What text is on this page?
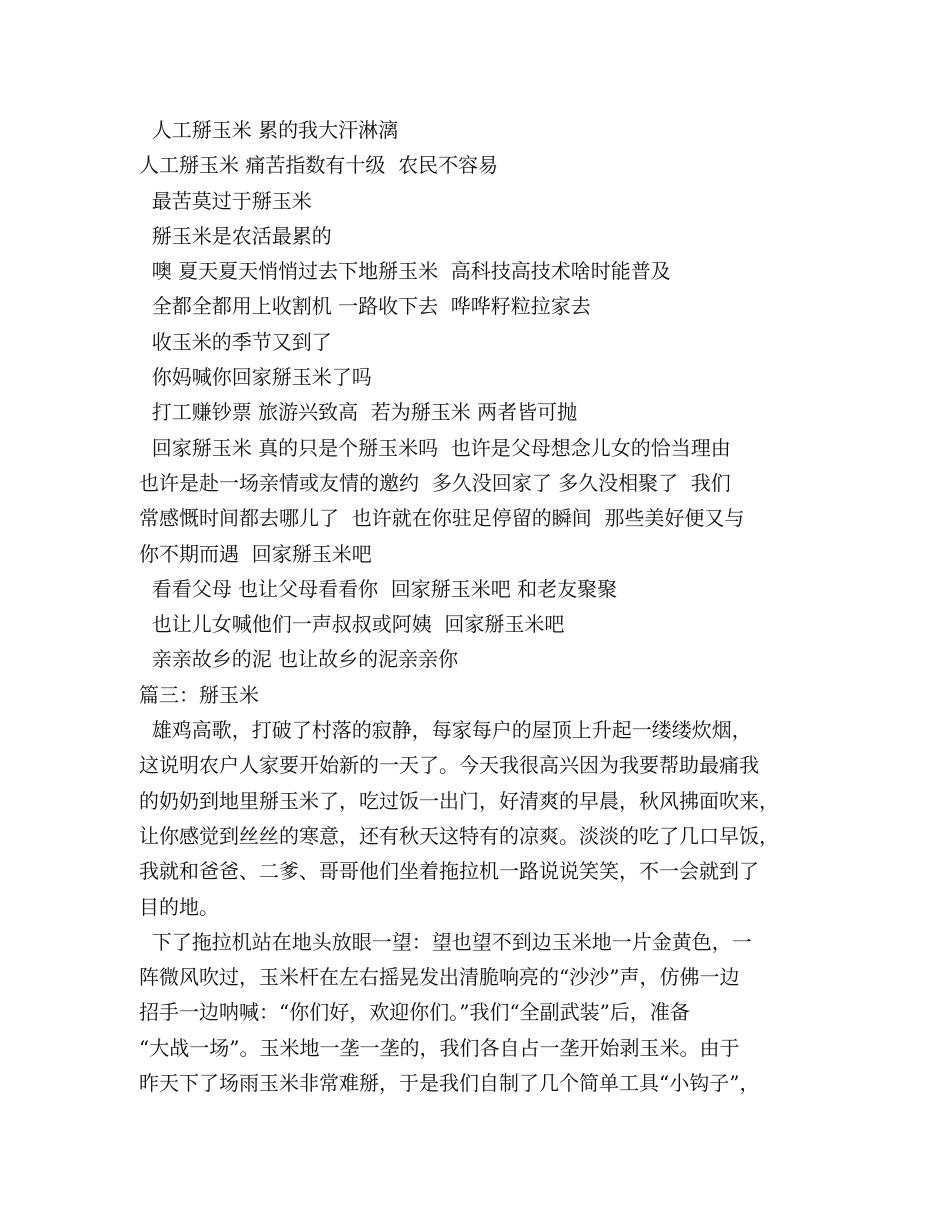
人工掰玉米 累的我大汗淋漓
人工掰玉米 痛苦指数有十级  农民不容易
最苦莫过于掰玉米
掰玉米是农活最累的
噢 夏天夏天悄悄过去下地掰玉米  高科技高技术啥时能普及
全都全都用上收割机 一路收下去  哗哗籽粒拉家去
收玉米的季节又到了
你妈喊你回家掰玉米了吗
打工赚钞票 旅游兴致高  若为掰玉米 两者皆可抛
回家掰玉米 真的只是个掰玉米吗  也许是父母想念儿女的恰当理由
也许是赴一场亲情或友情的邀约  多久没回家了 多久没相聚了  我们
常感慨时间都去哪儿了  也许就在你驻足停留的瞬间  那些美好便又与
你不期而遇  回家掰玉米吧
看看父母 也让父母看看你  回家掰玉米吧 和老友聚聚
也让儿女喊他们一声叔叔或阿姨  回家掰玉米吧
亲亲故乡的泥 也让故乡的泥亲亲你
篇三：掰玉米
雄鸡高歌，打破了村落的寂静，每家每户的屋顶上升起一缕缕炊烟，
这说明农户人家要开始新的一天了。今天我很高兴因为我要帮助最痛我
的奶奶到地里掰玉米了，吃过饭一出门，好清爽的早晨，秋风拂面吹来，
让你感觉到丝丝的寒意，还有秋天这特有的凉爽。淡淡的吃了几口早饭，
我就和爸爸、二爹、哥哥他们坐着拖拉机一路说说笑笑，不一会就到了
目的地。
下了拖拉机站在地头放眼一望：望也望不到边玉米地一片金黄色，一
阵微风吹过，玉米杆在左右摇晃发出清脆响亮的“沙沙”声，仿佛一边
招手一边呐喊：“你们好，欢迎你们。”我们“全副武装”后，准备
“大战一场”。玉米地一垄一垄的，我们各自占一垄开始剥玉米。由于
昨天下了场雨玉米非常难掰，于是我们自制了几个简单工具“小钩子”，
